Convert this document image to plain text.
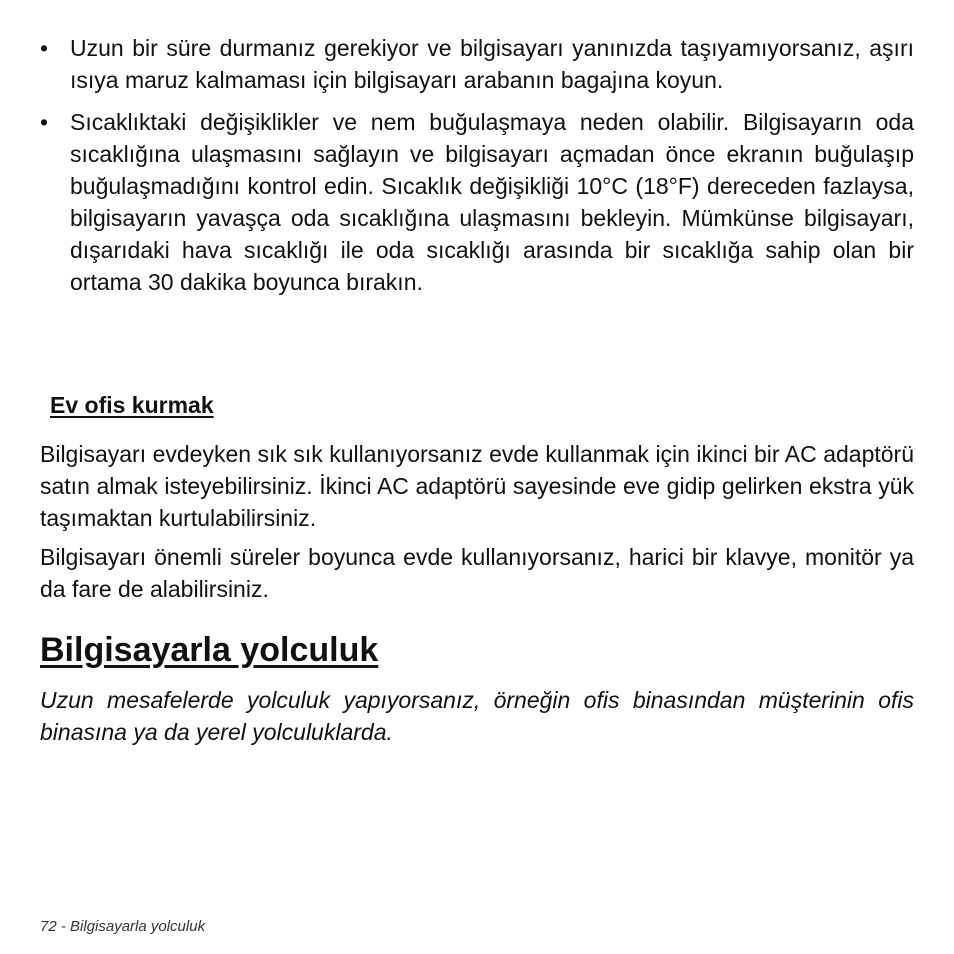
• Uzun bir süre durmanız gerekiyor ve bilgisayarı yanınızda taşıyamıyorsanız, aşırı ısıya maruz kalmaması için bilgisayarı arabanın bagajına koyun.
• Sıcaklıktaki değişiklikler ve nem buğulaşmaya neden olabilir. Bilgisayarın oda sıcaklığına ulaşmasını sağlayın ve bilgisayarı açmadan önce ekranın buğulaşıp buğulaşmadığını kontrol edin. Sıcaklık değişikliği 10°C (18°F) dereceden fazlaysa, bilgisayarın yavaşça oda sıcaklığına ulaşmasını bekleyin. Mümkünse bilgisayarı, dışarıdaki hava sıcaklığı ile oda sıcaklığı arasında bir sıcaklığa sahip olan bir ortama 30 dakika boyunca bırakın.
Ev ofis kurmak

Bilgisayarı evdeyken sık sık kullanıyorsanız evde kullanmak için ikinci bir AC adaptörü satın almak isteyebilirsiniz. İkinci AC adaptörü sayesinde eve gidip gelirken ekstra yük taşımaktan kurtulabilirsiniz.

Bilgisayarı önemli süreler boyunca evde kullanıyorsanız, harici bir klavye, monitör ya da fare de alabilirsiniz.

Bilgisayarla yolculuk

Uzun mesafelerde yolculuk yapıyorsanız, örneğin ofis binasından müşterinin ofis binasına ya da yerel yolculuklarda.

72 - Bilgisayarla yolculuk
